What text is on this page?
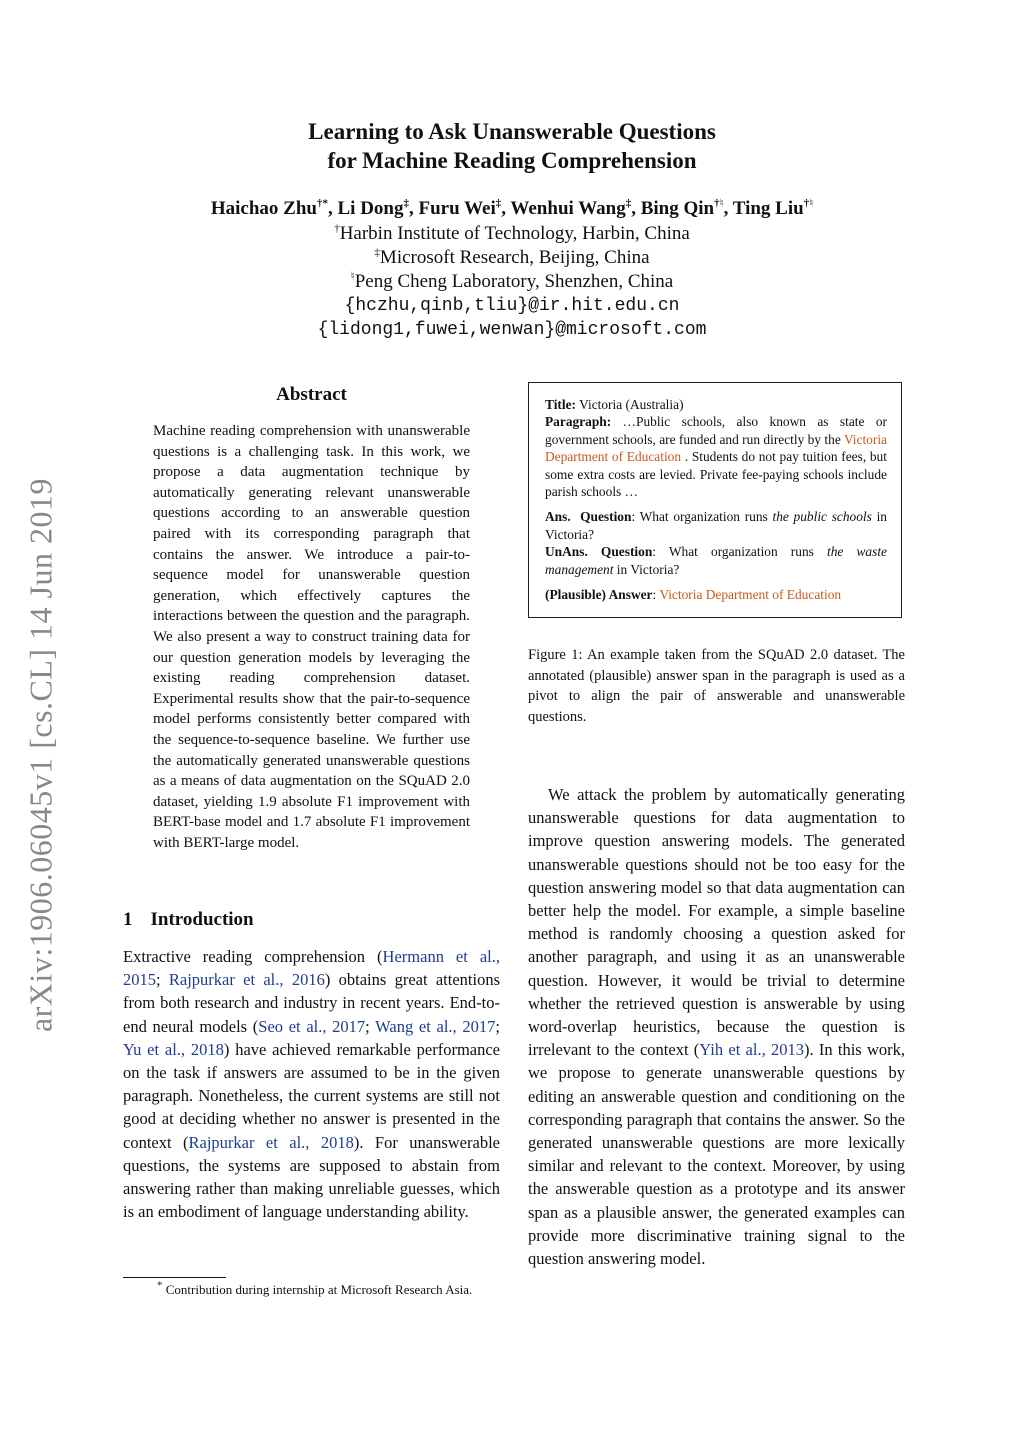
arXiv:1906.06045v1 [cs.CL] 14 Jun 2019
Learning to Ask Unanswerable Questions
for Machine Reading Comprehension
Haichao Zhu†*, Li Dong‡, Furu Wei‡, Wenhui Wang‡, Bing Qin†♮, Ting Liu†♮
†Harbin Institute of Technology, Harbin, China
‡Microsoft Research, Beijing, China
♮Peng Cheng Laboratory, Shenzhen, China
{hczhu,qinb,tliu}@ir.hit.edu.cn
{lidong1,fuwei,wenwan}@microsoft.com
Abstract
Machine reading comprehension with unanswerable questions is a challenging task. In this work, we propose a data augmentation technique by automatically generating relevant unanswerable questions according to an answerable question paired with its corresponding paragraph that contains the answer. We introduce a pair-to-sequence model for unanswerable question generation, which effectively captures the interactions between the question and the paragraph. We also present a way to construct training data for our question generation models by leveraging the existing reading comprehension dataset. Experimental results show that the pair-to-sequence model performs consistently better compared with the sequence-to-sequence baseline. We further use the automatically generated unanswerable questions as a means of data augmentation on the SQuAD 2.0 dataset, yielding 1.9 absolute F1 improvement with BERT-base model and 1.7 absolute F1 improvement with BERT-large model.
1 Introduction
Extractive reading comprehension (Hermann et al., 2015; Rajpurkar et al., 2016) obtains great attentions from both research and industry in recent years. End-to-end neural models (Seo et al., 2017; Wang et al., 2017; Yu et al., 2018) have achieved remarkable performance on the task if answers are assumed to be in the given paragraph. Nonetheless, the current systems are still not good at deciding whether no answer is presented in the context (Rajpurkar et al., 2018). For unanswerable questions, the systems are supposed to abstain from answering rather than making unreliable guesses, which is an embodiment of language understanding ability.
* Contribution during internship at Microsoft Research Asia.

Title: Victoria (Australia)

Paragraph: …Public schools, also known as state or government schools, are funded and run directly by the Victoria Department of Education . Students do not pay tuition fees, but some extra costs are levied. Private fee-paying schools include parish schools …

Ans. Question: What organization runs the public schools in Victoria?

UnAns. Question: What organization runs the waste management in Victoria?

(Plausible) Answer: Victoria Department of Education

Figure 1: An example taken from the SQuAD 2.0 dataset. The annotated (plausible) answer span in the paragraph is used as a pivot to align the pair of answerable and unanswerable questions.
We attack the problem by automatically generating unanswerable questions for data augmentation to improve question answering models. The generated unanswerable questions should not be too easy for the question answering model so that data augmentation can better help the model. For example, a simple baseline method is randomly choosing a question asked for another paragraph, and using it as an unanswerable question. However, it would be trivial to determine whether the retrieved question is answerable by using word-overlap heuristics, because the question is irrelevant to the context (Yih et al., 2013). In this work, we propose to generate unanswerable questions by editing an answerable question and conditioning on the corresponding paragraph that contains the answer. So the generated unanswerable questions are more lexically similar and relevant to the context. Moreover, by using the answerable question as a prototype and its answer span as a plausible answer, the generated examples can provide more discriminative training signal to the question answering model.
